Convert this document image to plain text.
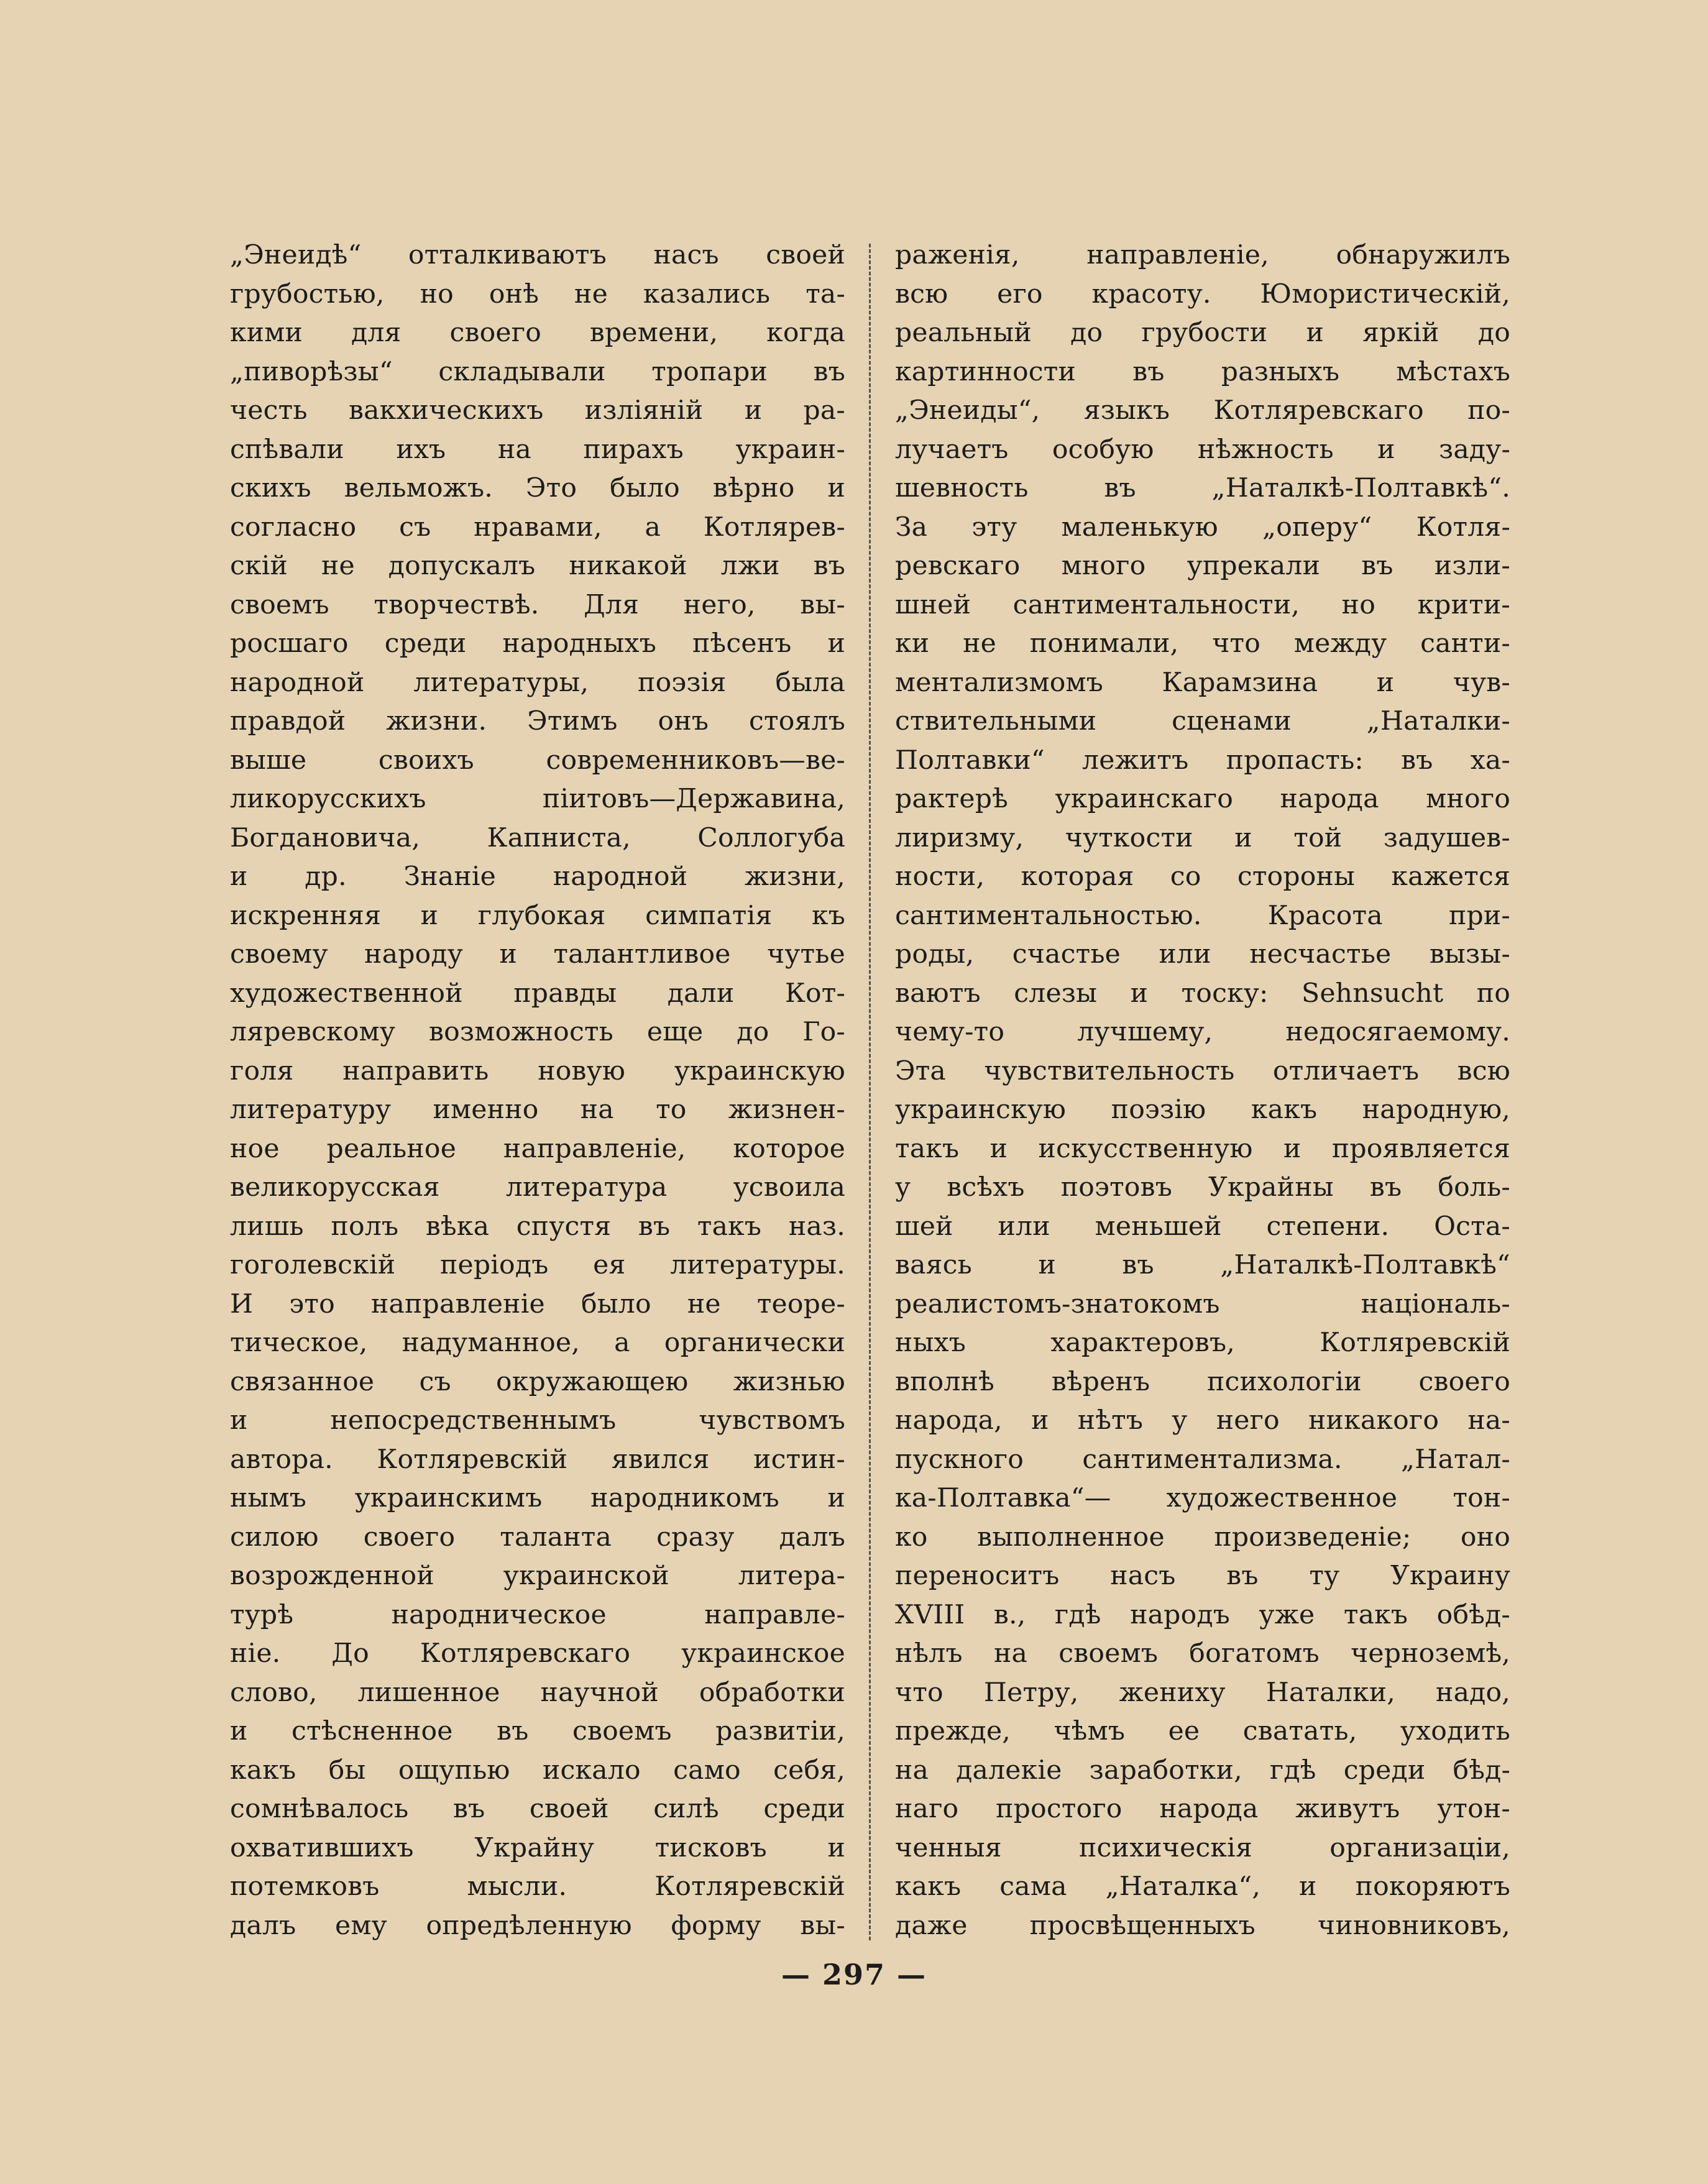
„Энеидѣ“ отталкиваютъ насъ своей
грубостью, но онѣ не казались та-
кими для своего времени, когда
„пиворѣзы“ складывали тропари въ
честь вакхическихъ изліяній и ра-
спѣвали ихъ на пирахъ украин-
скихъ вельможъ. Это было вѣрно и
согласно съ нравами, а Котлярев-
скій не допускалъ никакой лжи въ
своемъ творчествѣ. Для него, вы-
росшаго среди народныхъ пѣсенъ и
народной литературы, поэзія была
правдой жизни. Этимъ онъ стоялъ
выше своихъ современниковъ—ве-
ликорусскихъ піитовъ—Державина,
Богдановича, Капниста, Соллогуба
и др. Знаніе народной жизни,
искренняя и глубокая симпатія къ
своему народу и талантливое чутье
художественной правды дали Кот-
ляревскому возможность еще до Го-
голя направить новую украинскую
литературу именно на то жизнен-
ное реальное направленіе, которое
великорусская литература усвоила
лишь полъ вѣка спустя въ такъ наз.
гоголевскій періодъ ея литературы.
И это направленіе было не теоре-
тическое, надуманное, а органически
связанное съ окружающею жизнью
и непосредственнымъ чувствомъ
автора. Котляревскій явился истин-
нымъ украинскимъ народникомъ и
силою своего таланта сразу далъ
возрожденной украинской литера-
турѣ народническое направле-
ніе. До Котляревскаго украинское
слово, лишенное научной обработки
и стѣсненное въ своемъ развитіи,
какъ бы ощупью искало само себя,
сомнѣвалось въ своей силѣ среди
охватившихъ Украйну тисковъ и
потемковъ мысли. Котляревскій
далъ ему опредѣленную форму вы-
раженія, направленіе, обнаружилъ
всю его красоту. Юмористическій,
реальный до грубости и яркій до
картинности въ разныхъ мѣстахъ
„Энеиды“, языкъ Котляревскаго по-
лучаетъ особую нѣжность и заду-
шевность въ „Наталкѣ-Полтавкѣ“.
За эту маленькую „оперу“ Котля-
ревскаго много упрекали въ изли-
шней сантиментальности, но крити-
ки не понимали, что между санти-
ментализмомъ Карамзина и чув-
ствительными сценами „Наталки-
Полтавки“ лежитъ пропасть: въ ха-
рактерѣ украинскаго народа много
лиризму, чуткости и той задушев-
ности, которая со стороны кажется
сантиментальностью. Красота при-
роды, счастье или несчастье вызы-
ваютъ слезы и тоску: Sehnsucht по
чему-то лучшему, недосягаемому.
Эта чувствительность отличаетъ всю
украинскую поэзію какъ народную,
такъ и искусственную и проявляется
у всѣхъ поэтовъ Украйны въ боль-
шей или меньшей степени. Оста-
ваясь и въ „Наталкѣ-Полтавкѣ“
реалистомъ-знатокомъ національ-
ныхъ характеровъ, Котляревскій
вполнѣ вѣренъ психологіи своего
народа, и нѣтъ у него никакого на-
пускного сантиментализма. „Натал-
ка-Полтавка“— художественное тон-
ко выполненное произведеніе; оно
переноситъ насъ въ ту Украину
XVIII в., гдѣ народъ уже такъ обѣд-
нѣлъ на своемъ богатомъ черноземѣ,
что Петру, жениху Наталки, надо,
прежде, чѣмъ ее сватать, уходить
на далекіе заработки, гдѣ среди бѣд-
наго простого народа живутъ утон-
ченныя психическія организаціи,
какъ сама „Наталка“, и покоряютъ
даже просвѣщенныхъ чиновниковъ,
— 297 —
